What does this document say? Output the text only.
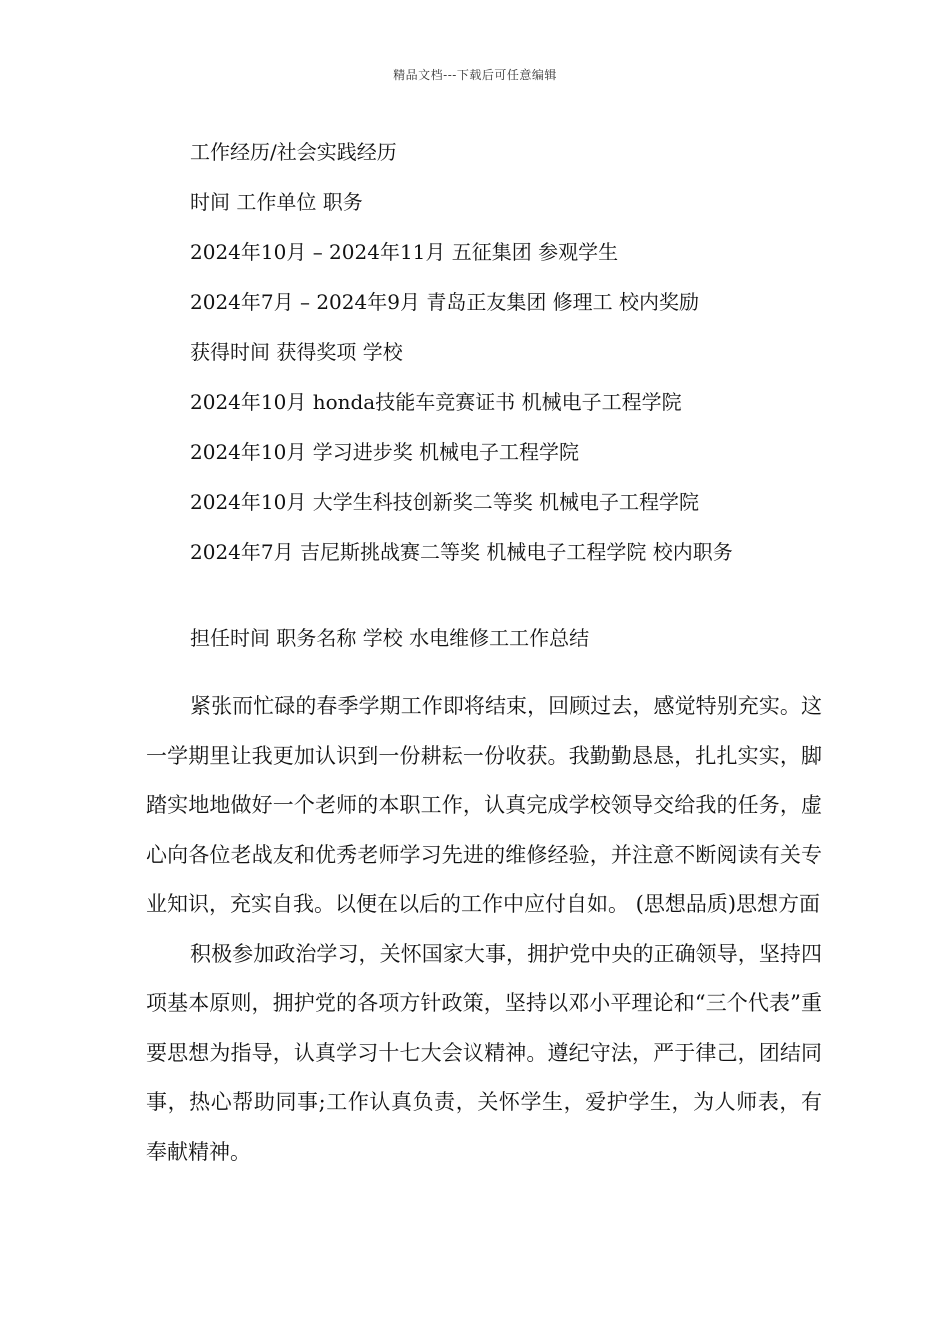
精品文档---下载后可任意编辑
工作经历/社会实践经历
时间 工作单位 职务
2024年10月 – 2024年11月 五征集团 参观学生
2024年7月 – 2024年9月 青岛正友集团 修理工 校内奖励
获得时间 获得奖项 学校
2024年10月 honda技能车竞赛证书 机械电子工程学院
2024年10月 学习进步奖 机械电子工程学院
2024年10月 大学生科技创新奖二等奖 机械电子工程学院
2024年7月 吉尼斯挑战赛二等奖 机械电子工程学院 校内职务
担任时间 职务名称 学校 水电维修工工作总结

紧张而忙碌的春季学期工作即将结束，回顾过去，感觉特别充实。这一学期里让我更加认识到一份耕耘一份收获。我勤勤恳恳，扎扎实实，脚踏实地地做好一个老师的本职工作，认真完成学校领导交给我的任务，虚心向各位老战友和优秀老师学习先进的维修经验，并注意不断阅读有关专业知识，充实自我。以便在以后的工作中应付自如。 (思想品质)思想方面

积极参加政治学习，关怀国家大事，拥护党中央的正确领导，坚持四项基本原则，拥护党的各项方针政策，坚持以邓小平理论和“三个代表”重要思想为指导，认真学习十七大会议精神。遵纪守法，严于律己，团结同事，热心帮助同事;工作认真负责，关怀学生，爱护学生，为人师表，有奉献精神。
